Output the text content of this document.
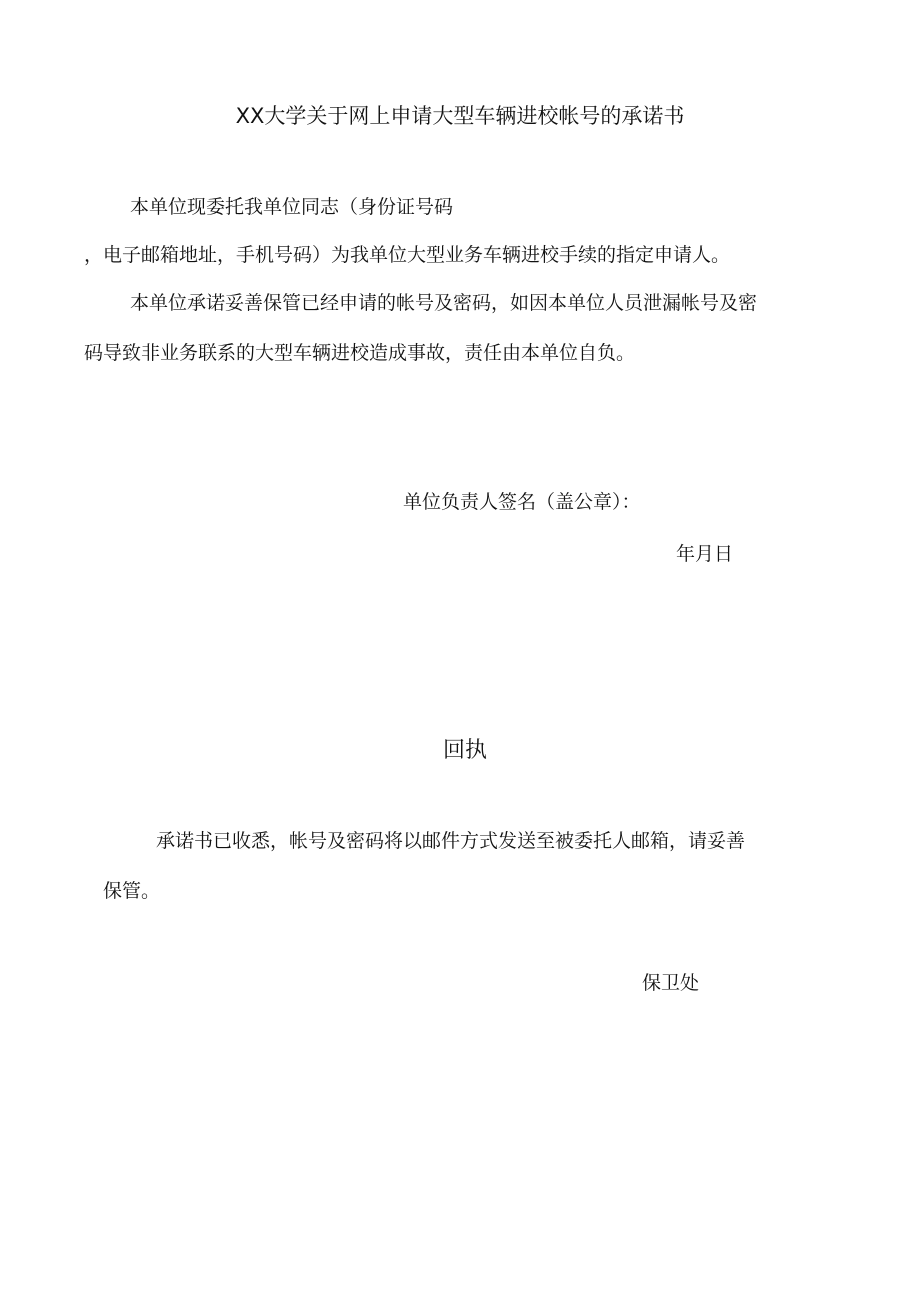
XX大学关于网上申请大型车辆进校帐号的承诺书
本单位现委托我单位同志（身份证号码
，电子邮箱地址，手机号码）为我单位大型业务车辆进校手续的指定申请人。
本单位承诺妥善保管已经申请的帐号及密码，如因本单位人员泄漏帐号及密
码导致非业务联系的大型车辆进校造成事故，责任由本单位自负。
单位负责人签名（盖公章）：
年月日
回执
承诺书已收悉，帐号及密码将以邮件方式发送至被委托人邮箱，请妥善
保管。
保卫处
